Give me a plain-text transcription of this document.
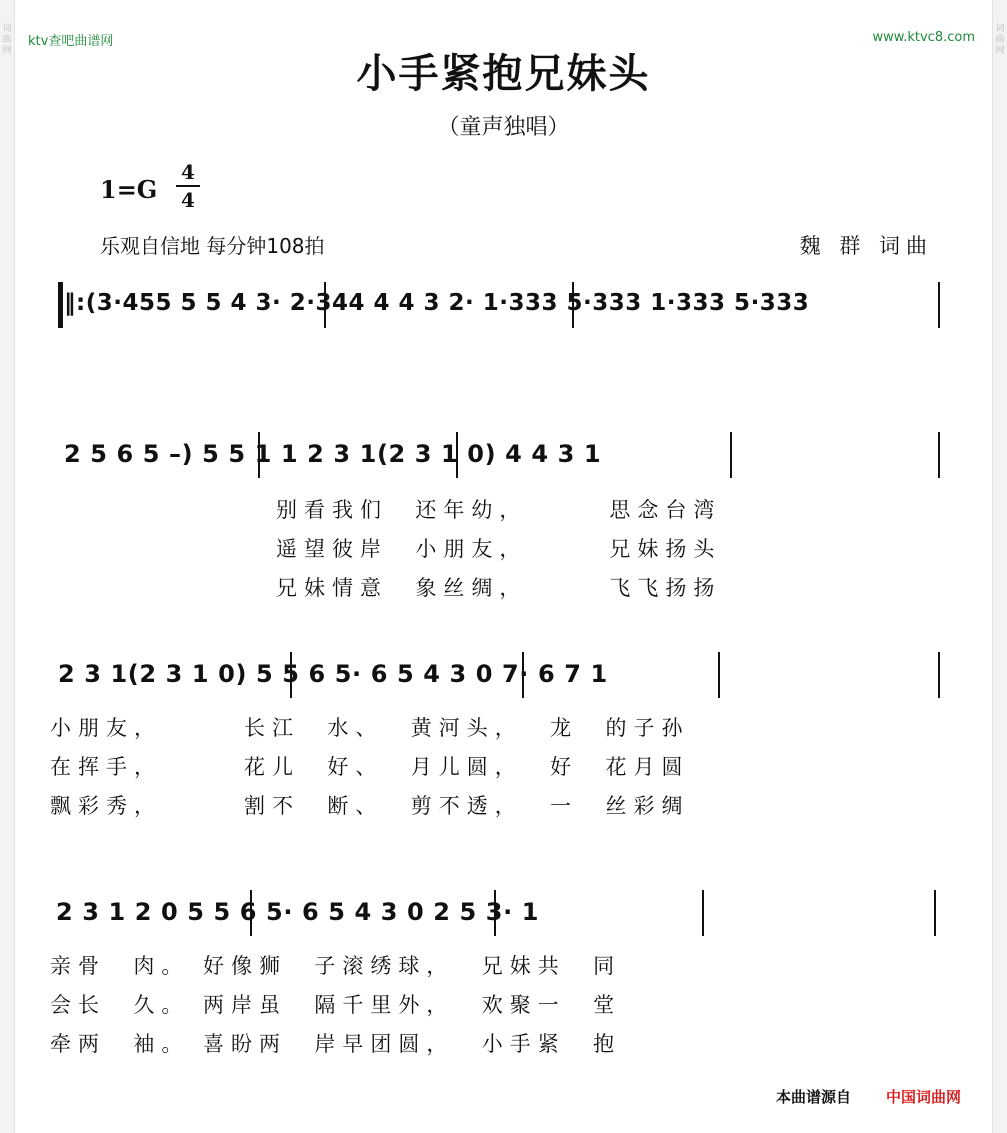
词曲网
词曲网
ktv查吧曲谱网	www.ktvc8.com
小手紧抱兄妹头
（童声独唱）
1=G
4
4
乐观自信地 每分钟108拍	魏 群 词曲
‖:(3·455 5 5 4 3· 2·344 4 4 3 2· 1·333 5·333 1·333 5·333
2 5 6 5 –) 5 5 1 1 2 3 1(2 3 1 0) 4 4 3 1
别看我们  还年幼，      思念台湾
遥望彼岸  小朋友，      兄妹扬头
兄妹情意  象丝绸，      飞飞扬扬
2 3 1(2 3 1 0) 5 5 6 5· 6 5 4 3 0 7· 6 7 1
小朋友，      长江  水、  黄河头，  龙  的子孙
在挥手，      花儿  好、  月儿圆，  好  花月圆
飘彩秀，      割不  断、  剪不透，  一  丝彩绸
2 3 1 2 0 5 5 6 5· 6 5 4 3 0 2 5 3· 1
亲骨  肉。 好像狮  子滚绣球，  兄妹共  同
会长  久。 两岸虽  隔千里外，  欢聚一  堂
牵两  袖。 喜盼两  岸早团圆，  小手紧  抱
本曲谱源自 中国词曲网
